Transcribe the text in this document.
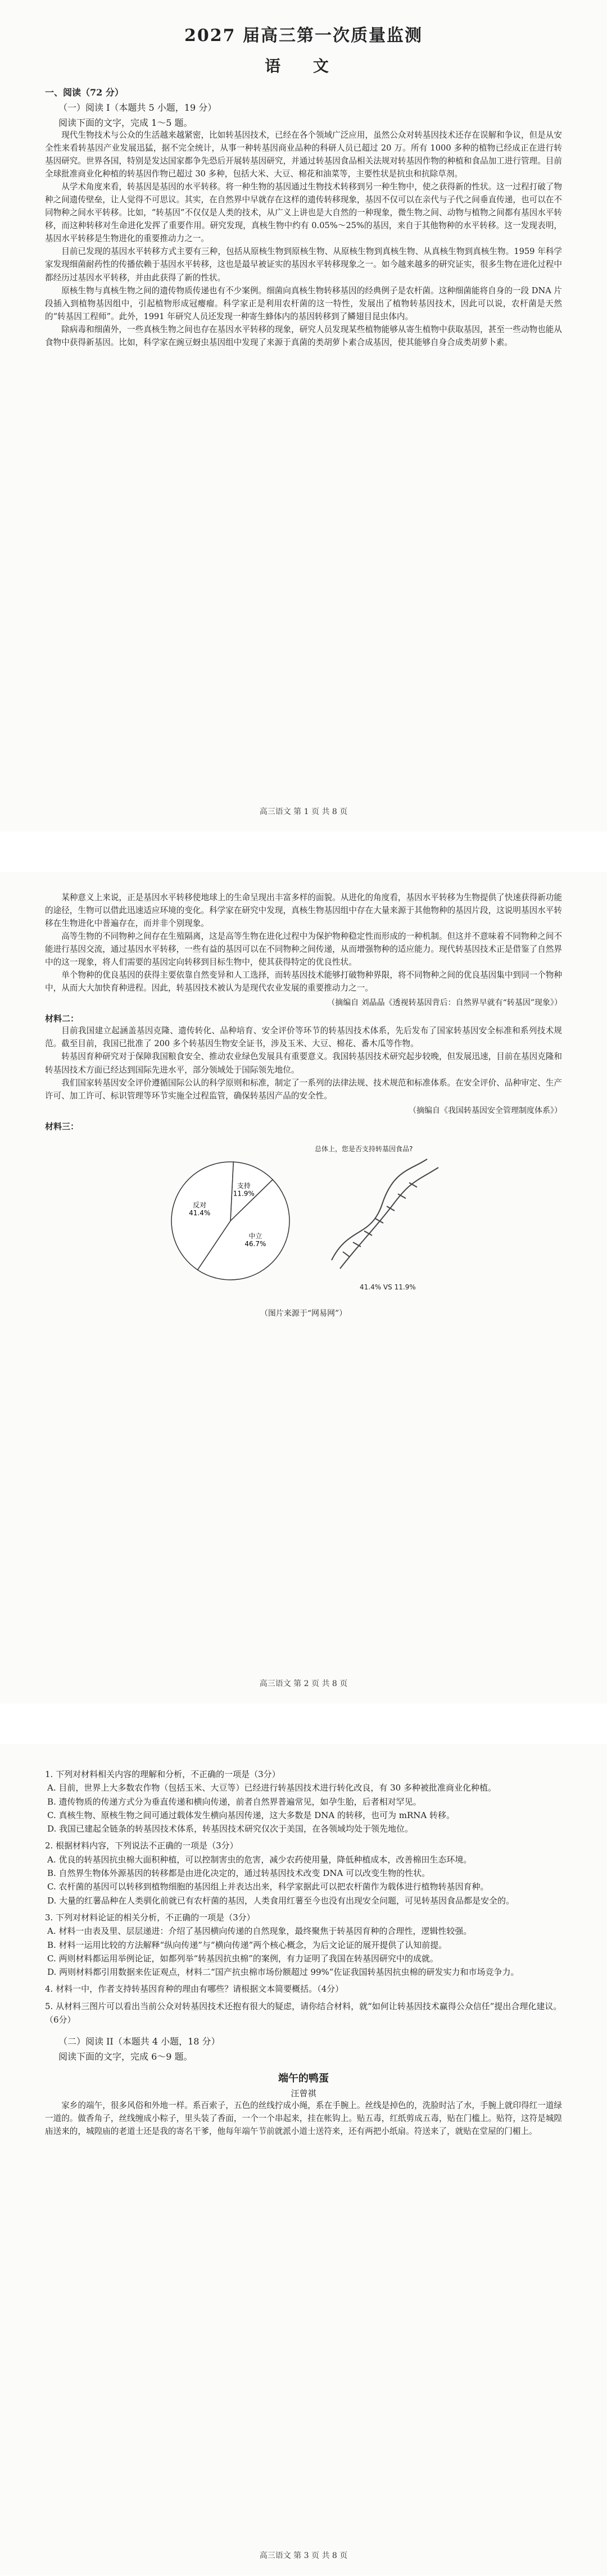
2027 届高三第一次质量监测
语 文
一、阅读（72 分）
（一）阅读 I（本题共 5 小题，19 分）
阅读下面的文字，完成 1～5 题。

现代生物技术与公众的生活越来越紧密，比如转基因技术，已经在各个领域广泛应用，虽然公众对转基因技术还存在误解和争议，但是从安全性来看转基因产业发展迅猛，据不完全统计，从事一种转基因商业品种的科研人员已超过 20 万。所有 1000 多种的植物已经成正在进行转基因研究。世界各国，特别是发达国家都争先恐后开展转基因研究，并通过转基因食品相关法规对转基因作物的种植和食品加工进行管理。目前全球批准商业化种植的转基因作物已超过 30 多种，包括大米、大豆、棉花和油菜等，主要性状是抗虫和抗除草剂。

从学术角度来看，转基因是基因的水平转移。将一种生物的基因通过生物技术转移到另一种生物中，使之获得新的性状。这一过程打破了物种之间遗传壁垒，让人觉得不可思议。其实，在自然界中早就存在这样的遗传转移现象，基因不仅可以在亲代与子代之间垂直传递，也可以在不同物种之间水平转移。比如，“转基因”不仅仅是人类的技术，从广义上讲也是大自然的一种现象，微生物之间、动物与植物之间都有基因水平转移，而这种转移对生命进化发挥了重要作用。研究发现，真核生物中约有 0.05%～25%的基因，来自于其他物种的水平转移。这一发现表明，基因水平转移是生物进化的重要推动力之一。

目前已发现的基因水平转移方式主要有三种，包括从原核生物到原核生物、从原核生物到真核生物、从真核生物到真核生物。1959 年科学家发现细菌耐药性的传播依赖于基因水平转移，这也是最早被证实的基因水平转移现象之一。如今越来越多的研究证实，很多生物在进化过程中都经历过基因水平转移，并由此获得了新的性状。

原核生物与真核生物之间的遗传物质传递也有不少案例。细菌向真核生物转移基因的经典例子是农杆菌。这种细菌能将自身的一段 DNA 片段插入到植物基因组中，引起植物形成冠瘿瘤。科学家正是利用农杆菌的这一特性，发展出了植物转基因技术，因此可以说，农杆菌是天然的“转基因工程师”。此外，1991 年研究人员还发现一种寄生蜂体内的基因转移到了鳞翅目昆虫体内。

除病毒和细菌外，一些真核生物之间也存在基因水平转移的现象，研究人员发现某些植物能够从寄生植物中获取基因，甚至一些动物也能从食物中获得新基因。比如，科学家在豌豆蚜虫基因组中发现了来源于真菌的类胡萝卜素合成基因，使其能够自身合成类胡萝卜素。

高三语文 第 1 页 共 8 页

某种意义上来说，正是基因水平转移使地球上的生命呈现出丰富多样的面貌。从进化的角度看，基因水平转移为生物提供了快速获得新功能的途径，生物可以借此迅速适应环境的变化。科学家在研究中发现，真核生物基因组中存在大量来源于其他物种的基因片段，这说明基因水平转移在生物进化中普遍存在，而并非个别现象。

高等生物的不同物种之间存在生殖隔离，这是高等生物在进化过程中为保护物种稳定性而形成的一种机制。但这并不意味着不同物种之间不能进行基因交流，通过基因水平转移，一些有益的基因可以在不同物种之间传递，从而增强物种的适应能力。现代转基因技术正是借鉴了自然界中的这一现象，将人们需要的基因定向转移到目标生物中，使其获得特定的优良性状。

单个物种的优良基因的获得主要依靠自然变异和人工选择，而转基因技术能够打破物种界限，将不同物种之间的优良基因集中到同一个物种中，从而大大加快育种进程。因此，转基因技术被认为是现代农业发展的重要推动力之一。

（摘编自 刘晶晶《透视转基因背后：自然界早就有“转基因”现象》）
材料二：

目前我国建立起涵盖基因克隆、遗传转化、品种培育、安全评价等环节的转基因技术体系，先后发布了国家转基因安全标准和系列技术规范。截至目前，我国已批准了 200 多个转基因生物安全证书，涉及玉米、大豆、棉花、番木瓜等作物。

转基因育种研究对于保障我国粮食安全、推动农业绿色发展具有重要意义。我国转基因技术研究起步较晚，但发展迅速，目前在基因克隆和转基因技术方面已经达到国际先进水平，部分领域处于国际领先地位。

我们国家转基因安全评价遵循国际公认的科学原则和标准，制定了一系列的法律法规、技术规范和标准体系。在安全评价、品种审定、生产许可、加工许可、标识管理等环节实施全过程监管，确保转基因产品的安全性。

（摘编自《我国转基因安全管理制度体系》）
材料三：
总体上，您是否支持转基因食品?
支持 11.9%
中立 46.7%
反对 41.4%
41.4% VS 11.9%
（图片来源于“网易网”）
高三语文 第 2 页 共 8 页
1. 下列对材料相关内容的理解和分析，不正确的一项是（3分）
A. 目前，世界上大多数农作物（包括玉米、大豆等）已经进行转基因技术进行转化改良，有 30 多种被批准商业化种植。
B. 遗传物质的传递方式分为垂直传递和横向传递，前者自然界普遍常见，如孕生胎，后者相对罕见。
C. 真核生物、原核生物之间可通过载体发生横向基因传递，这大多数是 DNA 的转移，也可为 mRNA 转移。
D. 我国已建起全链条的转基因技术体系，转基因技术研究仅次于美国，在各领域均处于领先地位。
2. 根据材料内容，下列说法不正确的一项是（3分）
A. 优良的转基因抗虫棉大面积种植，可以控制害虫的危害，减少农药使用量，降低种植成本，改善棉田生态环境。
B. 自然界生物体外源基因的转移都是由进化决定的，通过转基因技术改变 DNA 可以改变生物的性状。
C. 农杆菌的基因可以转移到植物细胞的基因组上并表达出来，科学家据此可以把农杆菌作为载体进行植物转基因育种。
D. 大量的红薯品种在人类驯化前就已有农杆菌的基因，人类食用红薯至今也没有出现安全问题，可见转基因食品都是安全的。
3. 下列对材料论证的相关分析，不正确的一项是（3分）
A. 材料一由表及里、层层递进：介绍了基因横向传递的自然现象，最终聚焦于转基因育种的合理性，逻辑性较强。
B. 材料一运用比较的方法解释“纵向传递”与“横向传递”两个核心概念，为后文论证的展开提供了认知前提。
C. 两则材料都运用举例论证，如都列举“转基因抗虫棉”的案例，有力证明了我国在转基因研究中的成就。
D. 两则材料都引用数据来佐证观点，材料二“国产抗虫棉市场份额超过 99%”佐证我国转基因抗虫棉的研发实力和市场竞争力。
4. 材料一中，作者支持转基因育种的理由有哪些？请根据文本简要概括。（4分）
5. 从材料三图片可以看出当前公众对转基因技术还抱有很大的疑虑，请你结合材料，就“如何让转基因技术赢得公众信任”提出合理化建议。（6分）
（二）阅读 II（本题共 4 小题，18 分）
阅读下面的文字，完成 6～9 题。
端午的鸭蛋
汪曾祺

家乡的端午，很多风俗和外地一样。系百索子，五色的丝线拧成小绳，系在手腕上。丝线是掉色的，洗脸时沾了水，手腕上就印得红一道绿一道的。做香角子，丝线缠成小粽子，里头装了香面，一个一个串起来，挂在帐钩上。贴五毒，红纸剪成五毒，贴在门槛上。贴符，这符是城隍庙送来的，城隍庙的老道士还是我的寄名干爹，他每年端午节前就派小道士送符来，还有两把小纸扇。符送来了，就贴在堂屋的门楣上。

高三语文 第 3 页 共 8 页
